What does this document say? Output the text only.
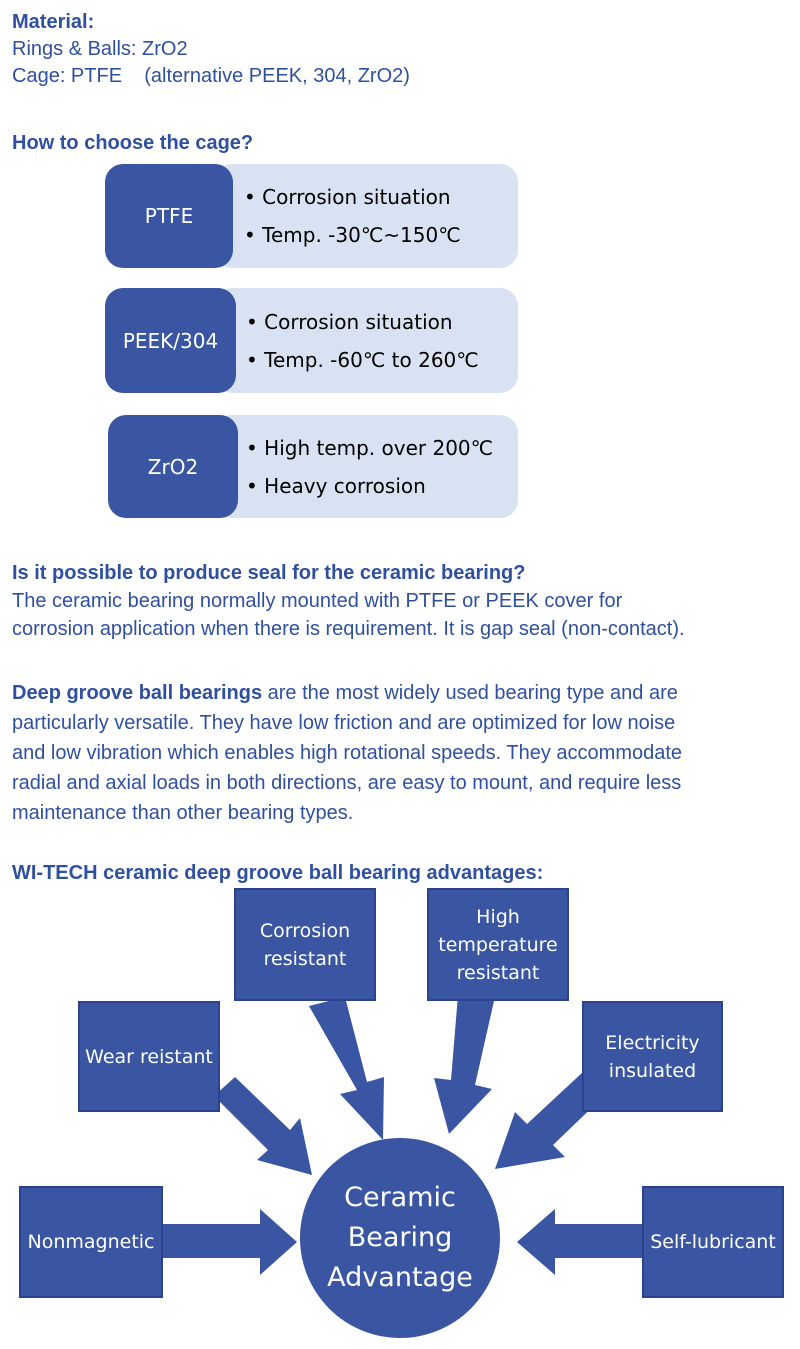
Material:
Rings & Balls: ZrO2
Cage: PTFE    (alternative PEEK, 304, ZrO2)
How to choose the cage?
• Corrosion situation
• Temp. -30℃~150℃
PTFE
• Corrosion situation
• Temp. -60℃ to 260℃
PEEK/304
• High temp. over 200℃
• Heavy corrosion
ZrO2
Is it possible to produce seal for the ceramic bearing?
The ceramic bearing normally mounted with PTFE or PEEK cover for
corrosion application when there is requirement. It is gap seal (non-contact).
Deep groove ball bearings are the most widely used bearing type and are
particularly versatile. They have low friction and are optimized for low noise
and low vibration which enables high rotational speeds. They accommodate
radial and axial loads in both directions, are easy to mount, and require less
maintenance than other bearing types.
WI-TECH ceramic deep groove ball bearing advantages:
Corrosion
resistant
High
temperature
resistant
Wear reistant
Electricity
insulated
Nonmagnetic	Self-lubricant
Ceramic
Bearing
Advantage
